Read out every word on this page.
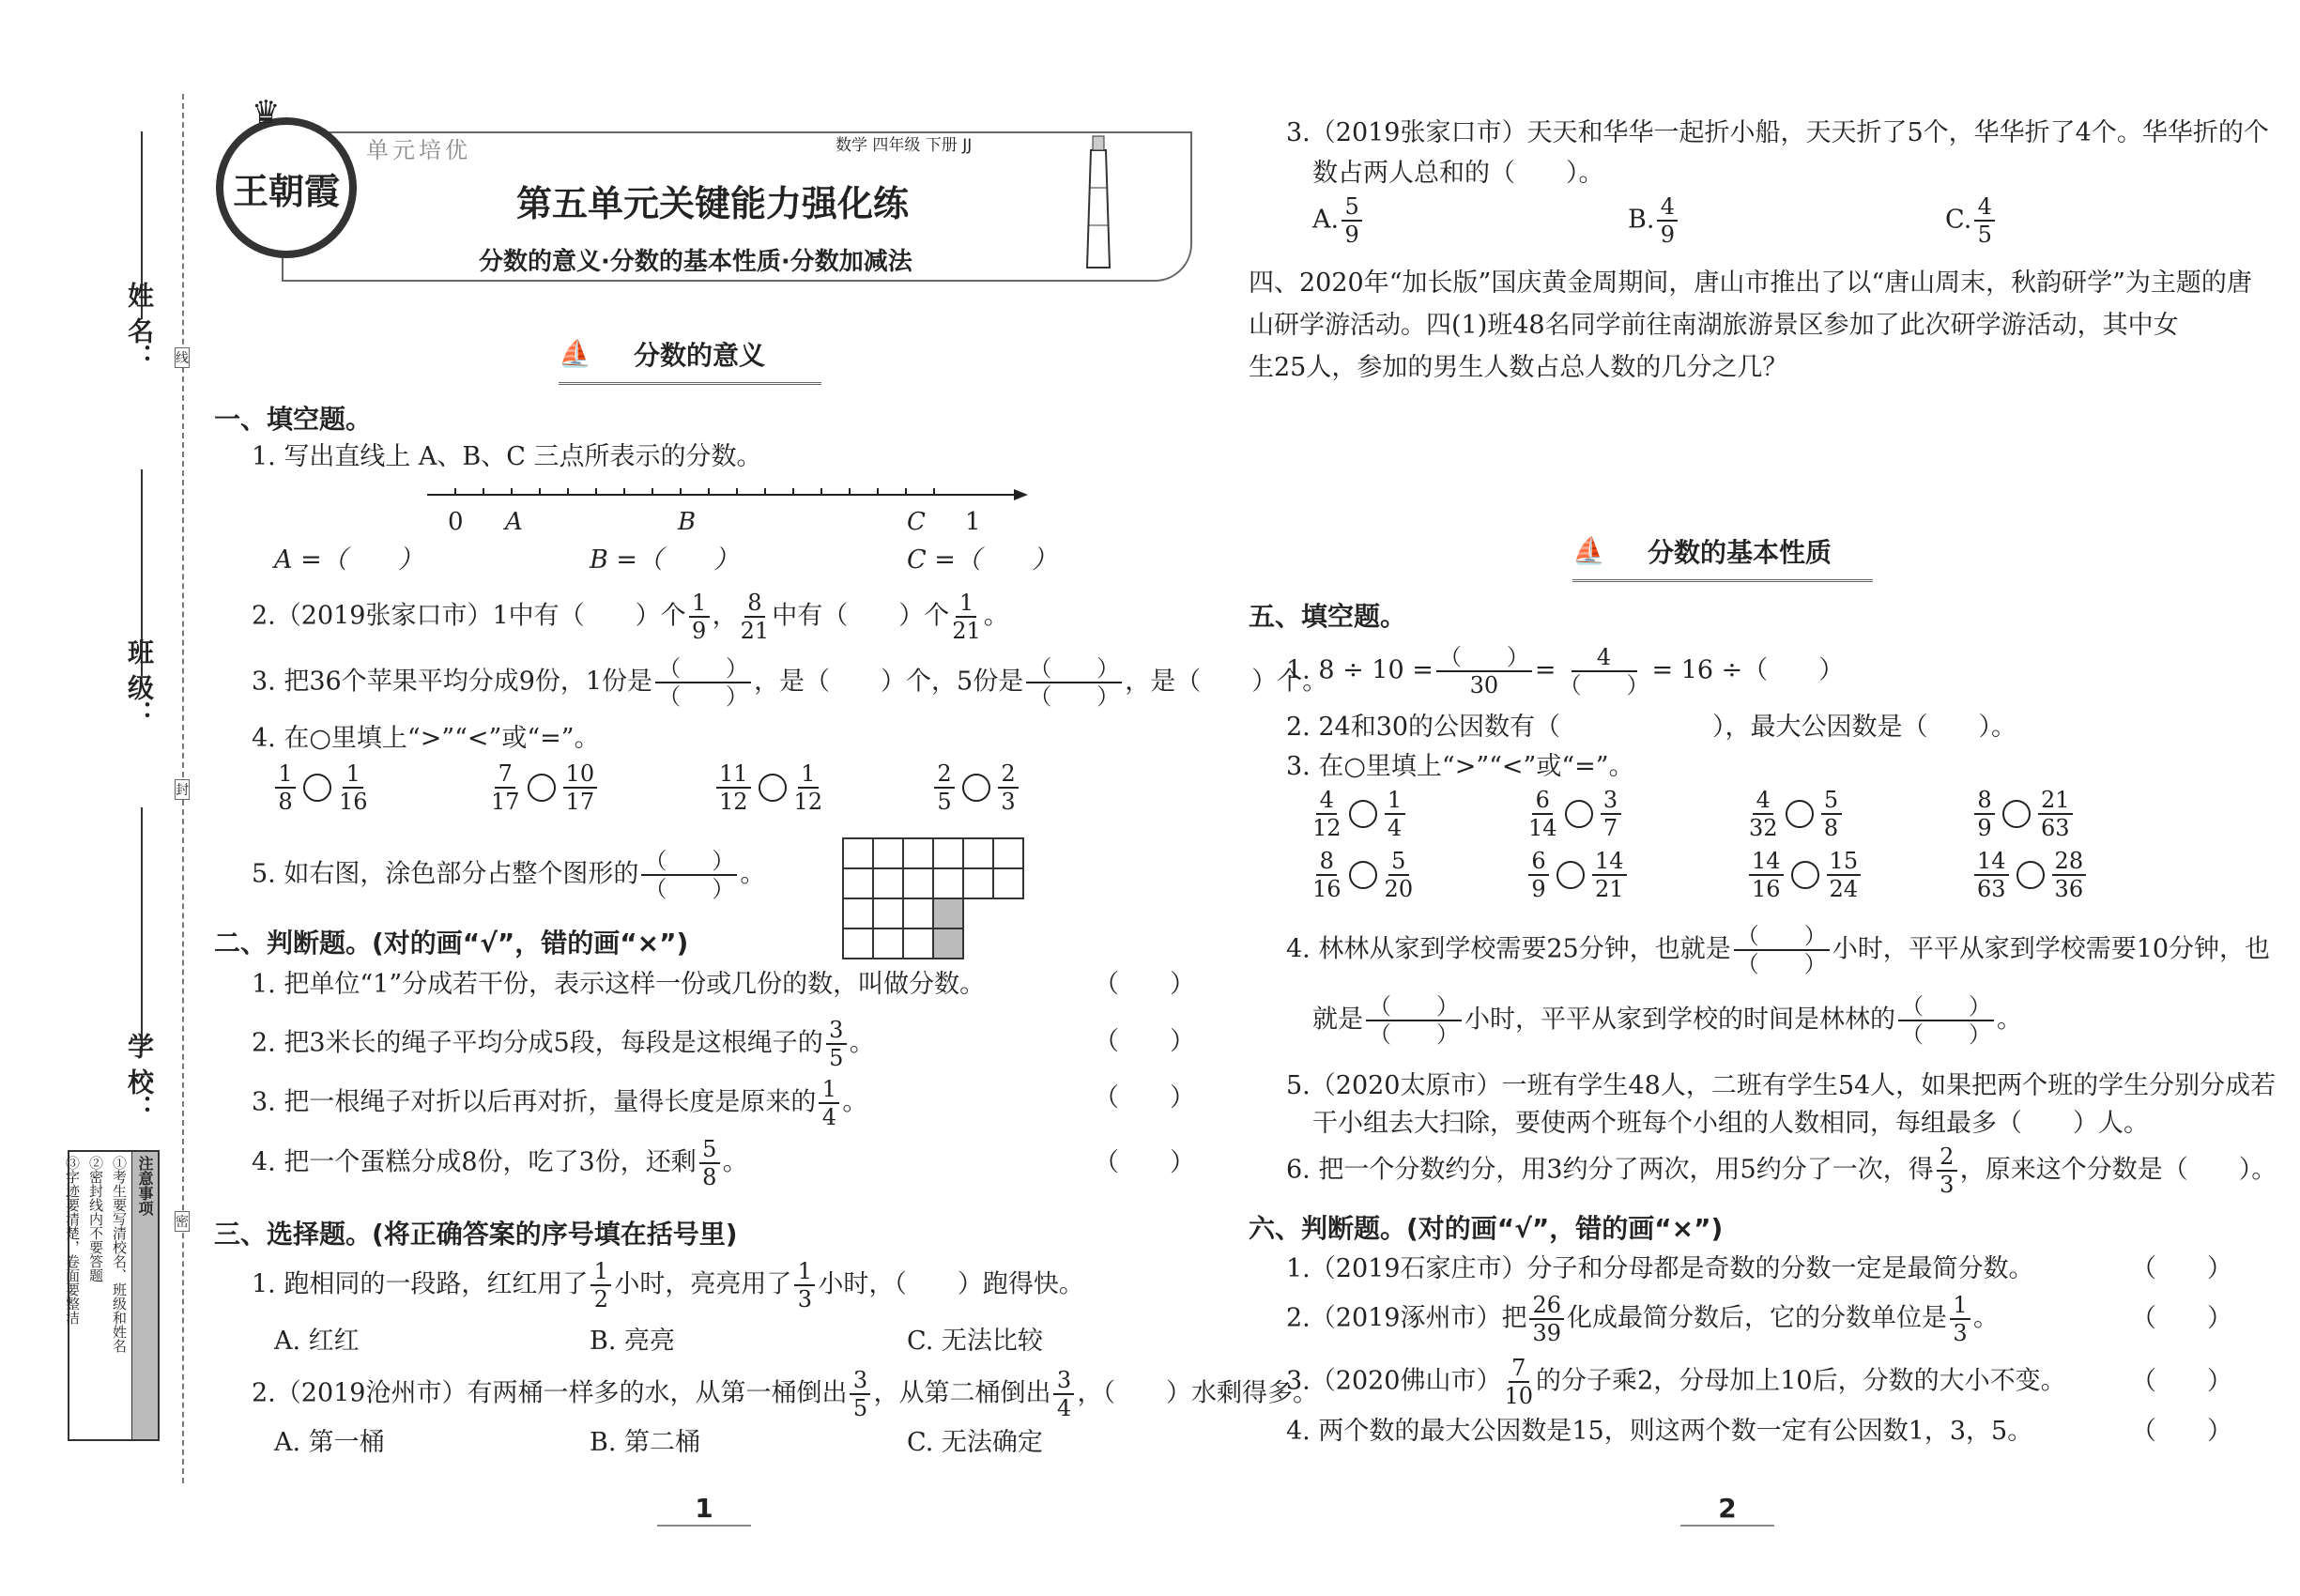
姓 名：
班 级：
学 校：
线
封
密
注意事项
①考生要写清校名、班级和姓名
②密封线内不要答题
③字迹要清楚，卷面要整洁
王朝霞
♛
单元培优	数学 四年级 下册 JJ
第五单元关键能力强化练
分数的意义·分数的基本性质·分数加减法
⛵ 分数的意义
一、填空题。
1. 写出直线上 A、B、C 三点所表示的分数。
0 A	B	C 1
A =（　　）	B =（　　）	C =（　　）
2.（2019张家口市）1中有（　　）个 $\frac{1}{9}$ ， $\frac{8}{21}$ 中有（　　）个 $\frac{1}{21}$ 。
3. 把36个苹果平均分成9份，1份是 $\frac{( )}{( )}$ ，是（　　）个，5份是 $\frac{( )}{( )}$ ，是（　　）个。
4. 在○里填上“>”“<”或“=”。
$\frac{1}{8} \frac{1}{16}$	$\frac{7}{17} \frac{10}{17}$	$\frac{11}{12} \frac{1}{12}$	$\frac{2}{5} \frac{2}{3}$
5. 如右图，涂色部分占整个图形的 $\frac{( )}{( )}$ 。

二、判断题。(对的画“√”，错的画“×”)
1. 把单位“1”分成若干份，表示这样一份或几份的数，叫做分数。	（　　）
2. 把3米长的绳子平均分成5段，每段是这根绳子的 $\frac{3}{5}$ 。	（　　）
3. 把一根绳子对折以后再对折，量得长度是原来的 $\frac{1}{4}$ 。	（　　）
4. 把一个蛋糕分成8份，吃了3份，还剩 $\frac{5}{8}$ 。	（　　）
三、选择题。(将正确答案的序号填在括号里)
1. 跑相同的一段路，红红用了 $\frac{1}{2}$ 小时，亮亮用了 $\frac{1}{3}$ 小时，（　　）跑得快。
A. 红红	B. 亮亮	C. 无法比较
2.（2019沧州市）有两桶一样多的水，从第一桶倒出 $\frac{3}{5}$ ，从第二桶倒出 $\frac{3}{4}$ ，（　　）水剩得多。
A. 第一桶	B. 第二桶	C. 无法确定
1
3.（2019张家口市）天天和华华一起折小船，天天折了5个，华华折了4个。华华折的个
数占两人总和的（　　）。
A. $\frac{5}{9}$	B. $\frac{4}{9}$	C. $\frac{4}{5}$
四、2020年“加长版”国庆黄金周期间，唐山市推出了以“唐山周末，秋韵研学”为主题的唐
山研学游活动。四(1)班48名同学前往南湖旅游景区参加了此次研学游活动，其中女
生25人，参加的男生人数占总人数的几分之几？
⛵ 分数的基本性质
五、填空题。
1. $8 \div 10 = \frac{( )}{30} = \frac{4}{( )} = 16$ ÷（　　）
2. 24和30的公因数有（　　　　　　），最大公因数是（　　）。
3. 在○里填上“>”“<”或“=”。
$\frac{4}{12} \frac{1}{4}$	$\frac{6}{14} \frac{3}{7}$	$\frac{4}{32} \frac{5}{8}$	$\frac{8}{9} \frac{21}{63}$
$\frac{8}{16} \frac{5}{20}$	$\frac{6}{9} \frac{14}{21}$	$\frac{14}{16} \frac{15}{24}$	$\frac{14}{63} \frac{28}{36}$
4. 林林从家到学校需要25分钟，也就是 $\frac{( )}{( )}$ 小时，平平从家到学校需要10分钟，也
就是 $\frac{( )}{( )}$ 小时，平平从家到学校的时间是林林的 $\frac{( )}{( )}$ 。
5.（2020太原市）一班有学生48人，二班有学生54人，如果把两个班的学生分别分成若
干小组去大扫除，要使两个班每个小组的人数相同，每组最多（　　）人。
6. 把一个分数约分，用3约分了两次，用5约分了一次，得 $\frac{2}{3}$ ，原来这个分数是（　　）。
六、判断题。(对的画“√”，错的画“×”)
1.（2019石家庄市）分子和分母都是奇数的分数一定是最简分数。	（　　）
2.（2019涿州市）把 $\frac{26}{39}$ 化成最简分数后，它的分数单位是 $\frac{1}{3}$ 。	（　　）
3.（2020佛山市） $\frac{7}{10}$ 的分子乘2，分母加上10后，分数的大小不变。	（　　）
4. 两个数的最大公因数是15，则这两个数一定有公因数1，3，5。	（　　）
2
